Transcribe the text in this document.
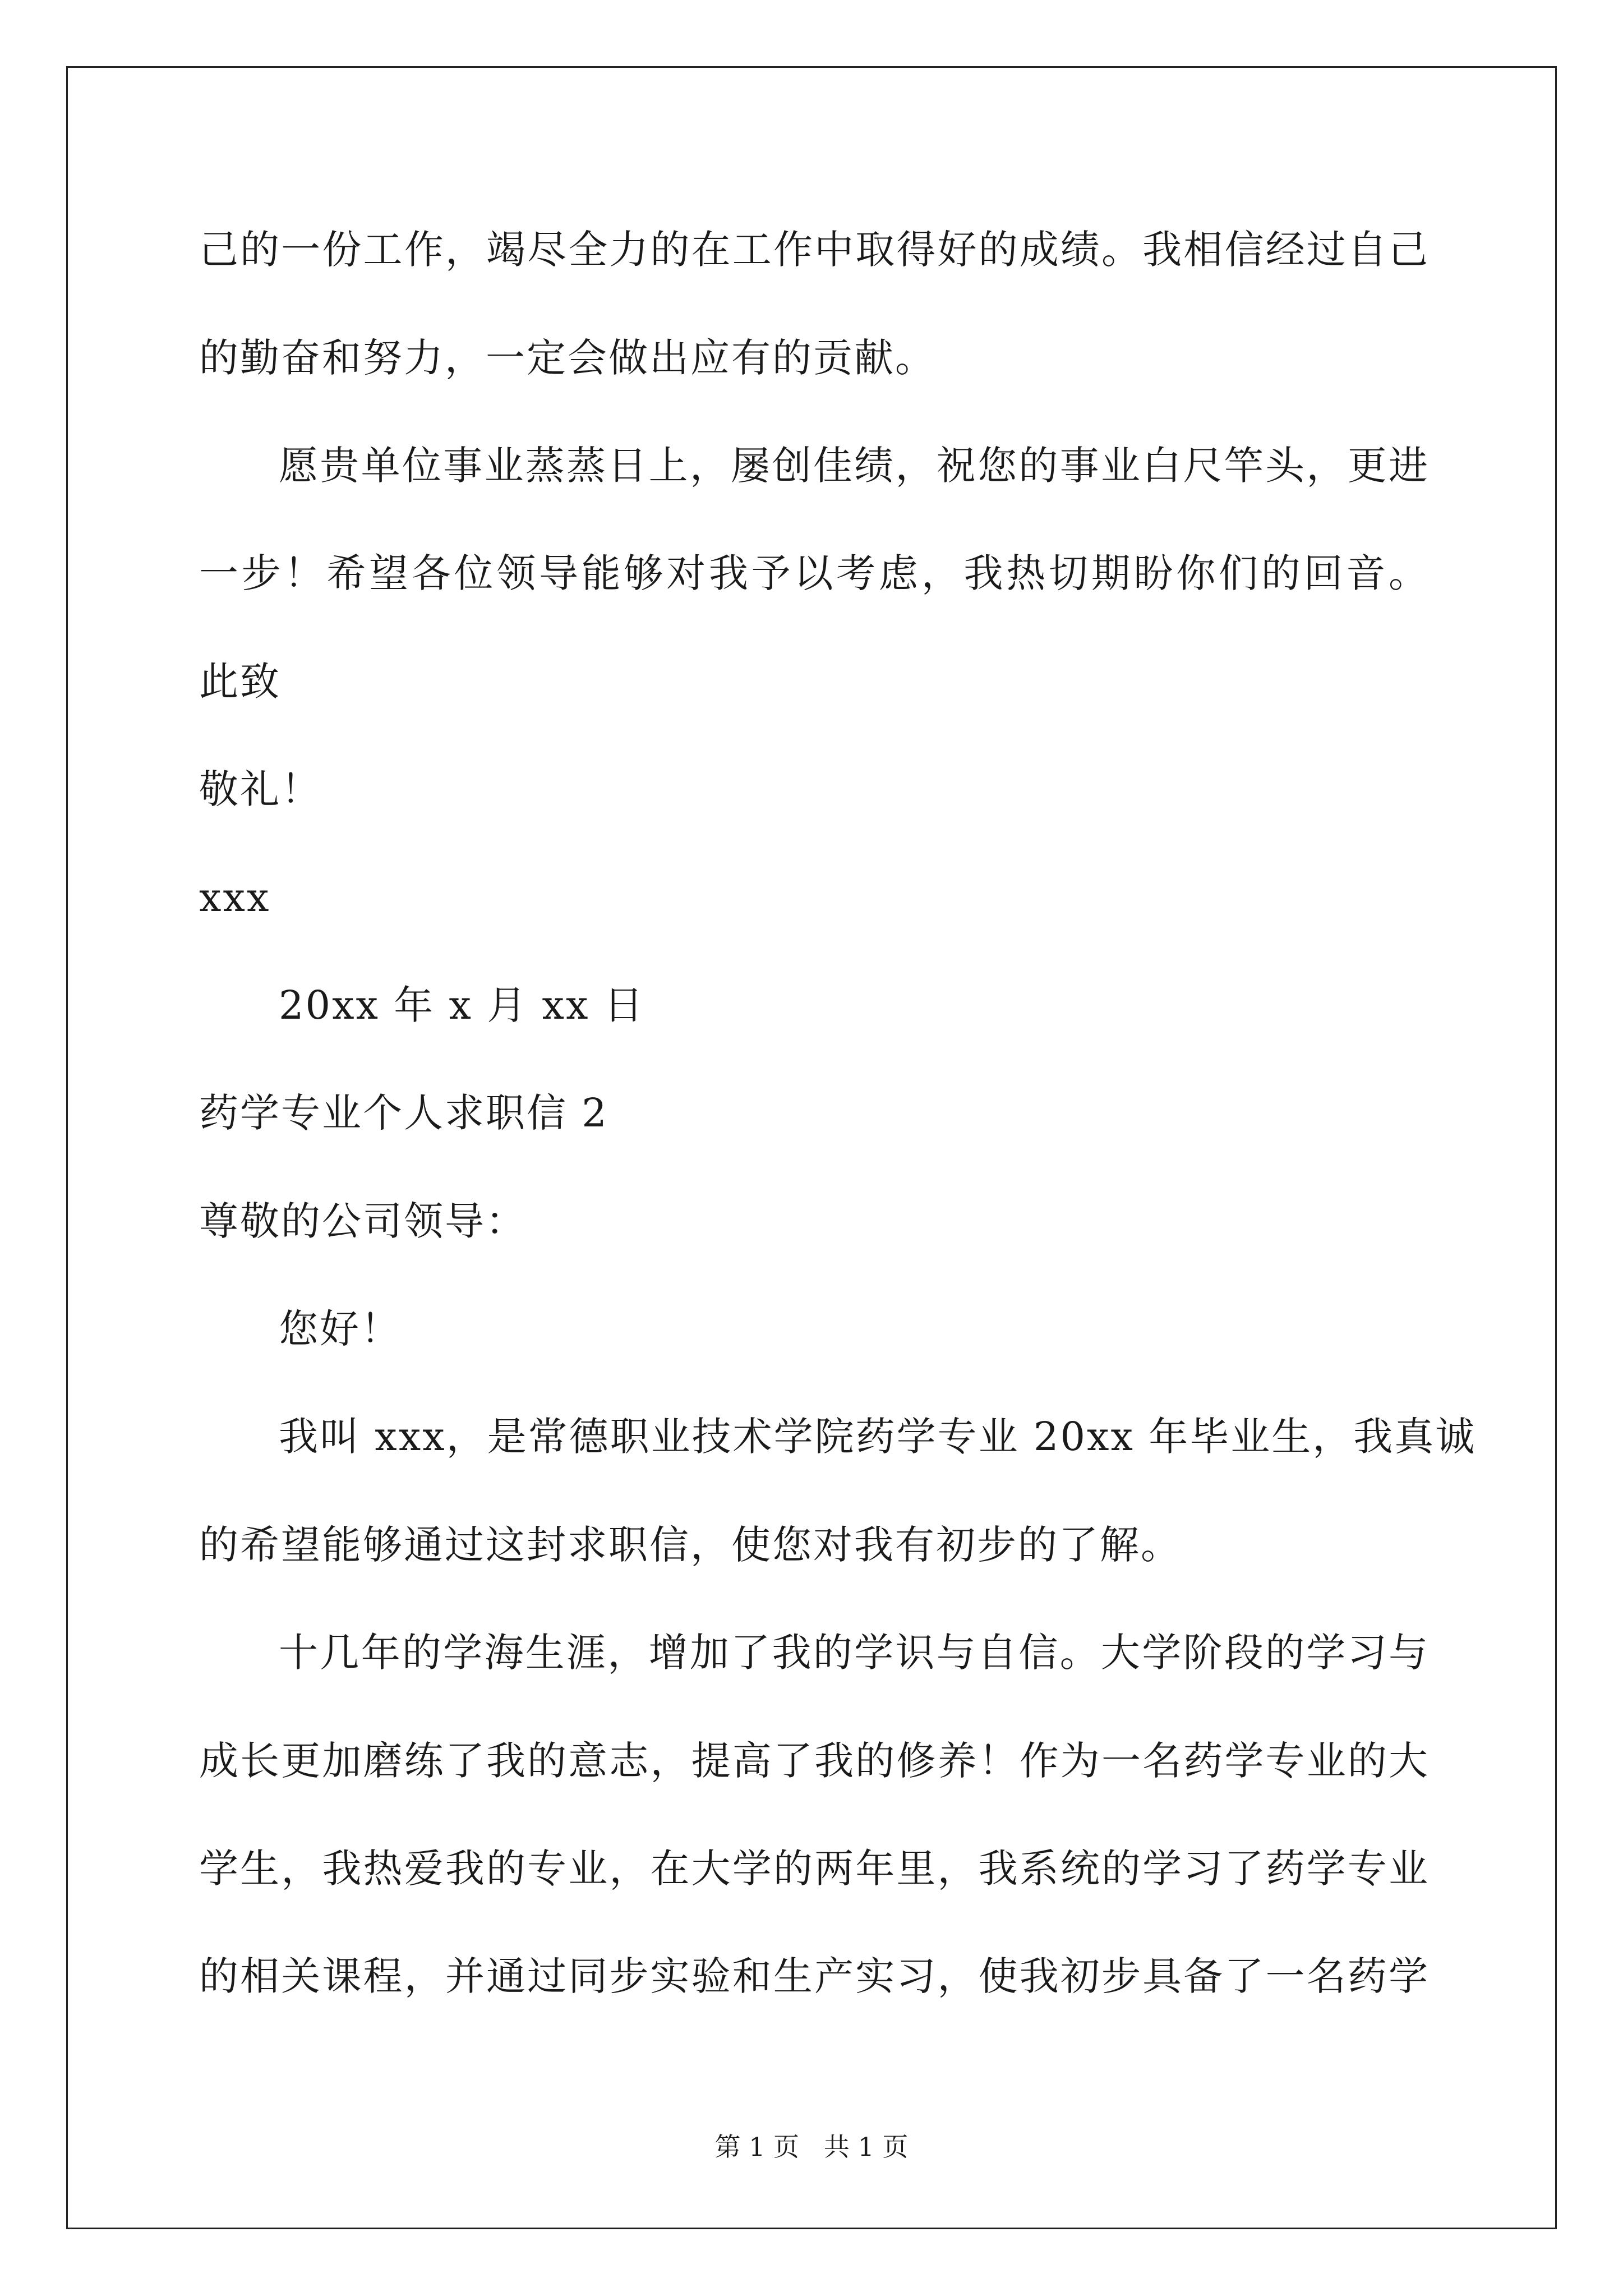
己的一份工作，竭尽全力的在工作中取得好的成绩。我相信经过自己
的勤奋和努力，一定会做出应有的贡献。
愿贵单位事业蒸蒸日上，屡创佳绩，祝您的事业白尺竿头，更进
一步！希望各位领导能够对我予以考虑，我热切期盼你们的回音。
此致
敬礼！
xxx
20xx 年 x 月 xx 日
药学专业个人求职信 2
尊敬的公司领导：
您好！
我叫 xxx，是常德职业技术学院药学专业 20xx 年毕业生，我真诚
的希望能够通过这封求职信，使您对我有初步的了解。
十几年的学海生涯，增加了我的学识与自信。大学阶段的学习与
成长更加磨练了我的意志，提高了我的修养！作为一名药学专业的大
学生，我热爱我的专业，在大学的两年里，我系统的学习了药学专业
的相关课程，并通过同步实验和生产实习，使我初步具备了一名药学
第 1 页   共 1 页
